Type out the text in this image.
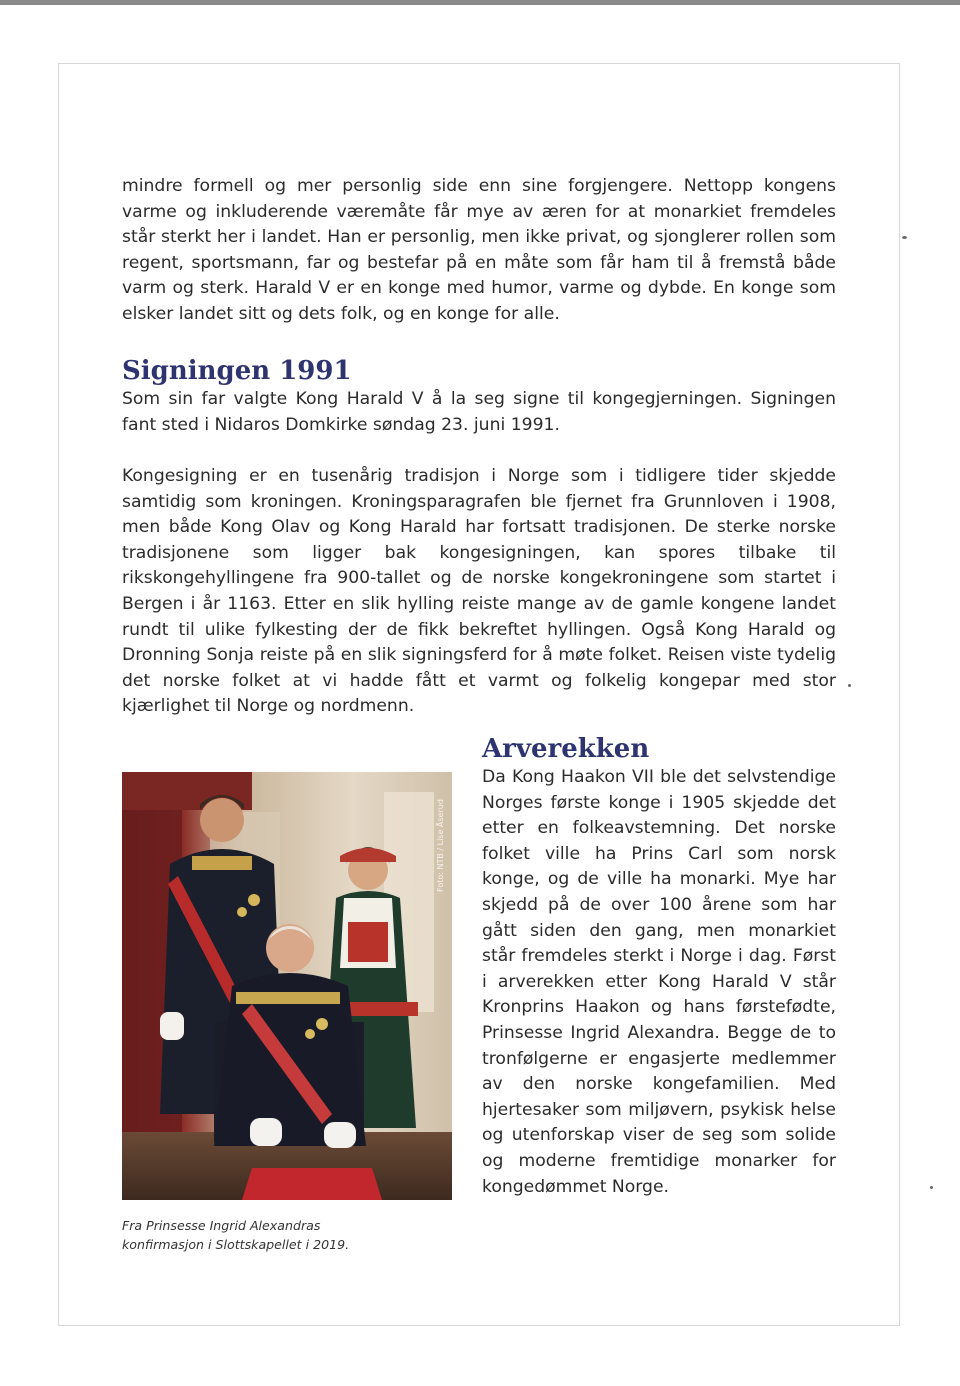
mindre formell og mer personlig side enn sine forgjengere. Nettopp kongens varme og inkluderende væremåte får mye av æren for at monarkiet fremdeles står sterkt her i landet. Han er personlig, men ikke privat, og sjonglerer rollen som regent, sportsmann, far og bestefar på en måte som får ham til å fremstå både varm og sterk. Harald V er en konge med humor, varme og dybde. En konge som elsker landet sitt og dets folk, og en konge for alle.

Signingen 1991

Som sin far valgte Kong Harald V å la seg signe til kongegjerningen. Signingen fant sted i Nidaros Domkirke søndag 23. juni 1991.

Kongesigning er en tusenårig tradisjon i Norge som i tidligere tider skjedde samtidig som kroningen. Kroningsparagrafen ble fjernet fra Grunnloven i 1908, men både Kong Olav og Kong Harald har fortsatt tradisjonen. De sterke norske tradisjonene som ligger bak kongesigningen, kan spores tilbake til rikskongehyllingene fra 900-tallet og de norske kongekroningene som startet i Bergen i år 1163. Etter en slik hylling reiste mange av de gamle kongene landet rundt til ulike fylkesting der de fikk bekreftet hyllingen. Også Kong Harald og Dronning Sonja reiste på en slik signingsferd for å møte folket. Reisen viste tydelig det norske folket at vi hadde fått et varmt og folkelig kongepar med stor kjærlighet til Norge og nordmenn.

Arverekken

Da Kong Haakon VII ble det selvstendige Norges første konge i 1905 skjedde det etter en folkeavstemning. Det norske folket ville ha Prins Carl som norsk konge, og de ville ha monarki. Mye har skjedd på de over 100 årene som har gått siden den gang, men monarkiet står fremdeles sterkt i Norge i dag. Først i arverekken etter Kong Harald V står Kronprins Haakon og hans førstefødte, Prinsesse Ingrid Alexandra. Begge de to tronfølgerne er engasjerte medlemmer av den norske kongefamilien. Med hjertesaker som miljøvern, psykisk helse og utenforskap viser de seg som solide og moderne fremtidige monarker for kongedømmet Norge.

Foto: NTB / Lise Åserud
Fra Prinsesse Ingrid Alexandras
konfirmasjon i Slottskapellet i 2019.
